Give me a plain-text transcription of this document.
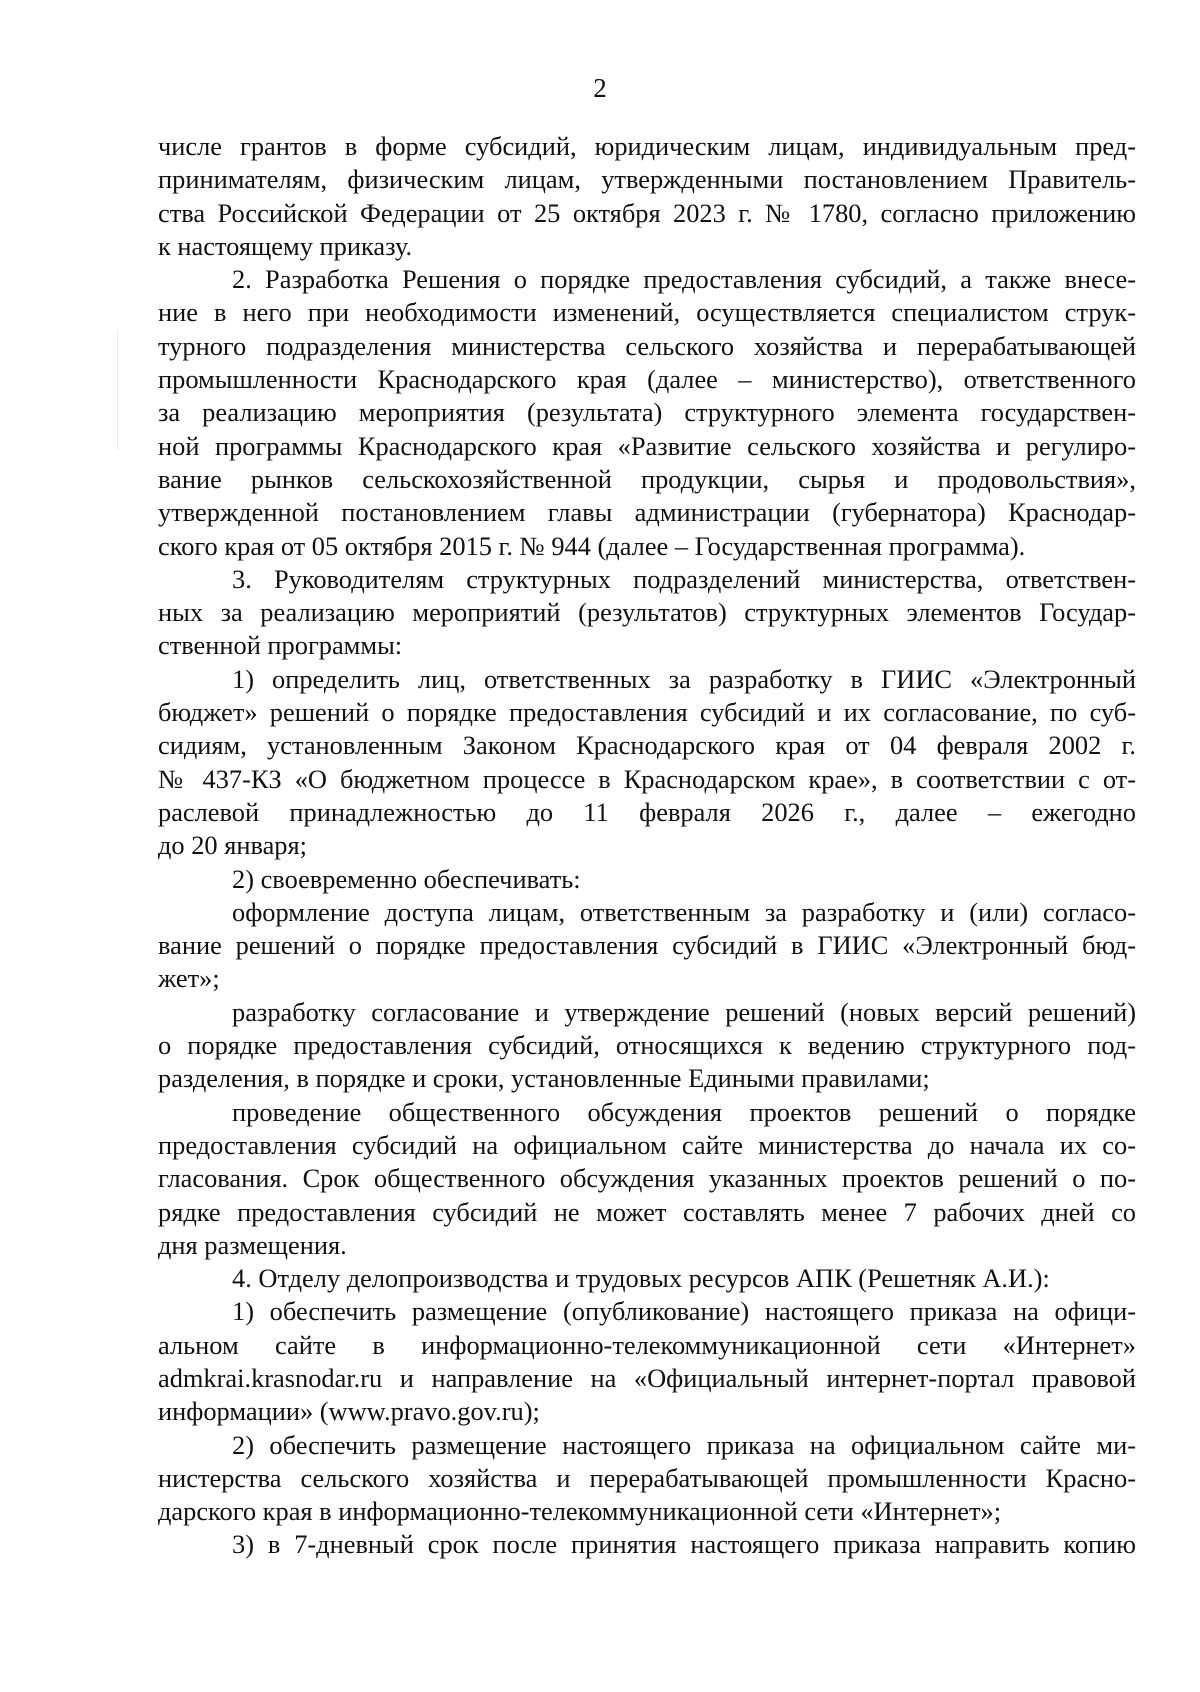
2
числе грантов в форме субсидий, юридическим лицам, индивидуальным пред-
принимателям, физическим лицам, утвержденными постановлением Правитель-
ства Российской Федерации от 25 октября 2023 г. № 1780, согласно приложению
к настоящему приказу.
2. Разработка Решения о порядке предоставления субсидий, а также внесе-
ние в него при необходимости изменений, осуществляется специалистом струк-
турного подразделения министерства сельского хозяйства и перерабатывающей
промышленности Краснодарского края (далее – министерство), ответственного
за реализацию мероприятия (результата) структурного элемента государствен-
ной программы Краснодарского края «Развитие сельского хозяйства и регулиро-
вание рынков сельскохозяйственной продукции, сырья и продовольствия»,
утвержденной постановлением главы администрации (губернатора) Краснодар-
ского края от 05 октября 2015 г. № 944 (далее – Государственная программа).
3. Руководителям структурных подразделений министерства, ответствен-
ных за реализацию мероприятий (результатов) структурных элементов Государ-
ственной программы:
1) определить лиц, ответственных за разработку в ГИИС «Электронный
бюджет» решений о порядке предоставления субсидий и их согласование, по суб-
сидиям, установленным Законом Краснодарского края от 04 февраля 2002 г.
№ 437-КЗ «О бюджетном процессе в Краснодарском крае», в соответствии с от-
раслевой принадлежностью до 11 февраля 2026 г., далее – ежегодно
до 20 января;
2) своевременно обеспечивать:
оформление доступа лицам, ответственным за разработку и (или) согласо-
вание решений о порядке предоставления субсидий в ГИИС «Электронный бюд-
жет»;
разработку согласование и утверждение решений (новых версий решений)
о порядке предоставления субсидий, относящихся к ведению структурного под-
разделения, в порядке и сроки, установленные Едиными правилами;
проведение общественного обсуждения проектов решений о порядке
предоставления субсидий на официальном сайте министерства до начала их со-
гласования. Срок общественного обсуждения указанных проектов решений о по-
рядке предоставления субсидий не может составлять менее 7 рабочих дней со
дня размещения.
4. Отделу делопроизводства и трудовых ресурсов АПК (Решетняк А.И.):
1) обеспечить размещение (опубликование) настоящего приказа на офици-
альном сайте в информационно-телекоммуникационной сети «Интернет»
admkrai.krasnodar.ru и направление на «Официальный интернет-портал правовой
информации» (www.pravo.gov.ru);
2) обеспечить размещение настоящего приказа на официальном сайте ми-
нистерства сельского хозяйства и перерабатывающей промышленности Красно-
дарского края в информационно-телекоммуникационной сети «Интернет»;
3) в 7-дневный срок после принятия настоящего приказа направить копию
